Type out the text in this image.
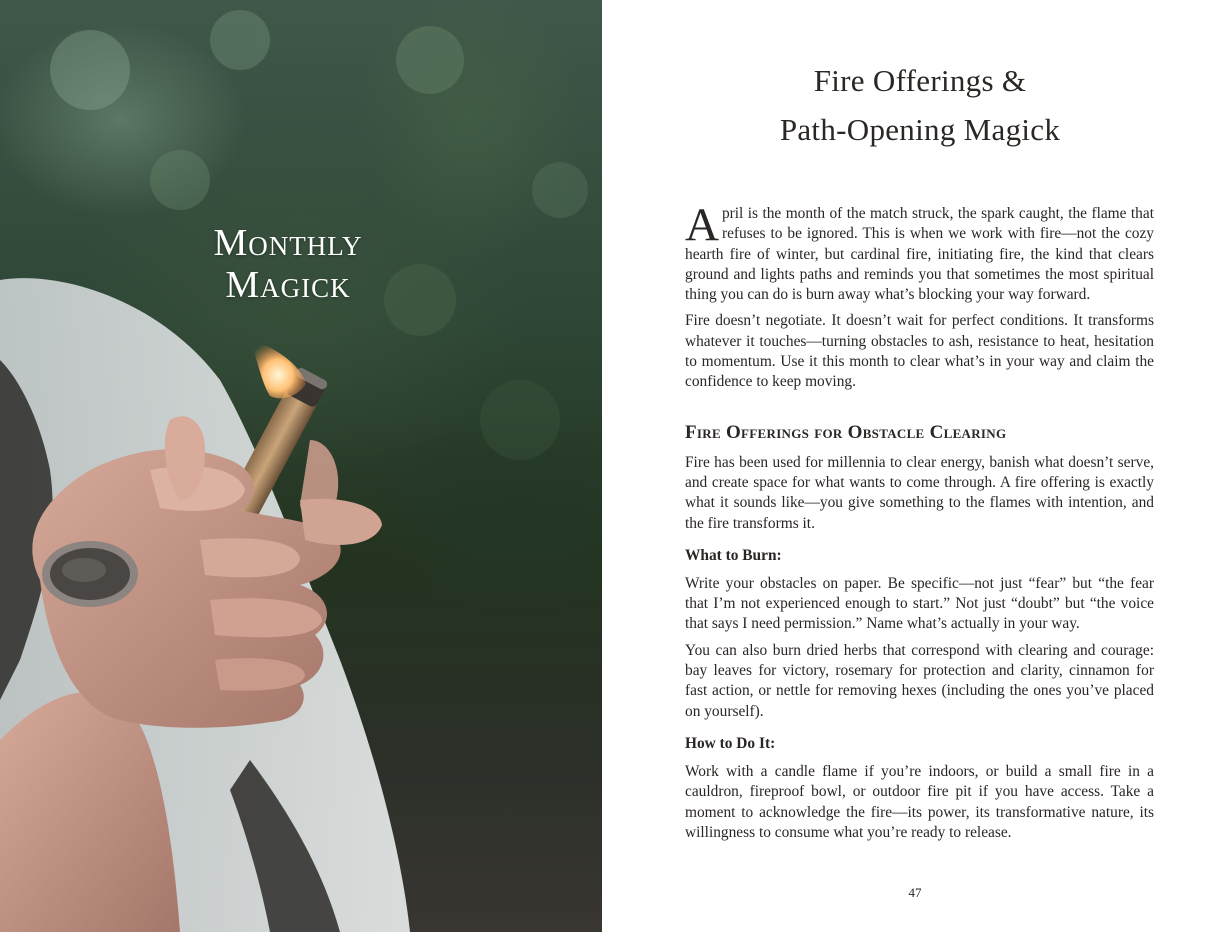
Monthly
Magick
Fire Offerings &
Path-Opening Magick

April is the month of the match struck, the spark caught, the flame that refuses to be ignored. This is when we work with fire—not the cozy hearth fire of winter, but cardinal fire, initiating fire, the kind that clears ground and lights paths and reminds you that sometimes the most spiritual thing you can do is burn away what’s blocking your way forward.

Fire doesn’t negotiate. It doesn’t wait for perfect conditions. It transforms whatever it touches—turning obstacles to ash, resistance to heat, hesitation to momentum. Use it this month to clear what’s in your way and claim the confidence to keep moving.

Fire Offerings for Obstacle Clearing

Fire has been used for millennia to clear energy, banish what doesn’t serve, and create space for what wants to come through. A fire offering is exactly what it sounds like—you give something to the flames with intention, and the fire transforms it.

What to Burn:

Write your obstacles on paper. Be specific—not just “fear” but “the fear that I’m not experienced enough to start.” Not just “doubt” but “the voice that says I need permission.” Name what’s actually in your way.

You can also burn dried herbs that correspond with clearing and courage: bay leaves for victory, rosemary for protection and clarity, cinnamon for fast action, or nettle for removing hexes (including the ones you’ve placed on yourself).

How to Do It:

Work with a candle flame if you’re indoors, or build a small fire in a cauldron, fireproof bowl, or outdoor fire pit if you have access. Take a moment to acknowledge the fire—its power, its transformative nature, its willingness to consume what you’re ready to release.

47
